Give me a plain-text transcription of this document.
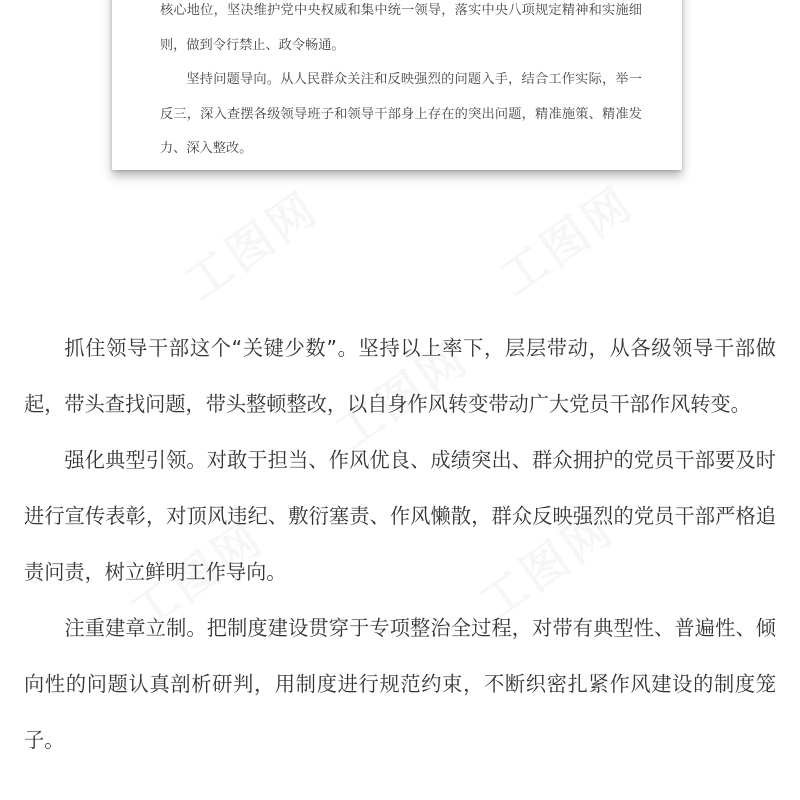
核心地位，坚决维护党中央权威和集中统一领导，落实中央八项规定精神和实施细则，做到令行禁止、政令畅通。

坚持问题导向。从人民群众关注和反映强烈的问题入手，结合工作实际，举一反三，深入查摆各级领导班子和领导干部身上存在的突出问题，精准施策、精准发力、深入整改。

抓住领导干部这个“关键少数”。坚持以上率下，层层带动，从各级领导干部做起，带头查找问题，带头整顿整改，以自身作风转变带动广大党员干部作风转变。

强化典型引领。对敢于担当、作风优良、成绩突出、群众拥护的党员干部要及时进行宣传表彰，对顶风违纪、敷衍塞责、作风懒散，群众反映强烈的党员干部严格追责问责，树立鲜明工作导向。

注重建章立制。把制度建设贯穿于专项整治全过程，对带有典型性、普遍性、倾向性的问题认真剖析研判，用制度进行规范约束，不断织密扎紧作风建设的制度笼子。
